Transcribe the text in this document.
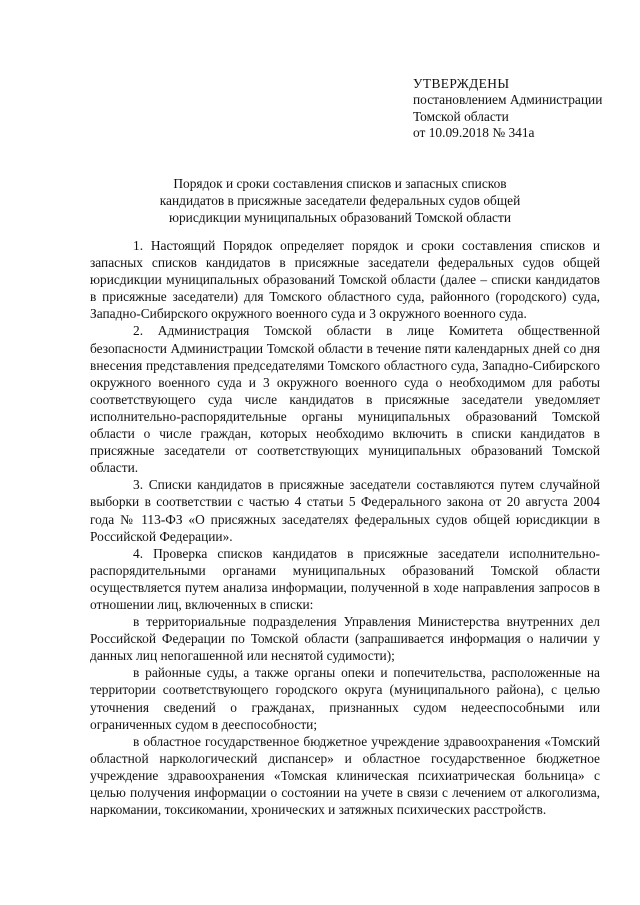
УТВЕРЖДЕНЫ
постановлением Администрации
Томской области
от 10.09.2018 № 341а
Порядок и сроки составления списков и запасных списков
кандидатов в присяжные заседатели федеральных судов общей
юрисдикции муниципальных образований Томской области

1. Настоящий Порядок определяет порядок и сроки составления списков и запасных списков кандидатов в присяжные заседатели федеральных судов общей юрисдикции муниципальных образований Томской области (далее – списки кандидатов в присяжные заседатели) для Томского областного суда, районного (городского) суда, Западно-Сибирского окружного военного суда и 3 окружного военного суда.

2. Администрация Томской области в лице Комитета общественной безопасности Администрации Томской области в течение пяти календарных дней со дня внесения представления председателями Томского областного суда, Западно-Сибирского окружного военного суда и 3 окружного военного суда о необходимом для работы соответствующего суда числе кандидатов в присяжные заседатели уведомляет исполнительно-распорядительные органы муниципальных образований Томской области о числе граждан, которых необходимо включить в списки кандидатов в присяжные заседатели от соответствующих муниципальных образований Томской области.

3. Списки кандидатов в присяжные заседатели составляются путем случайной выборки в соответствии с частью 4 статьи 5 Федерального закона от 20 августа 2004 года № 113-ФЗ «О присяжных заседателях федеральных судов общей юрисдикции в Российской Федерации».

4. Проверка списков кандидатов в присяжные заседатели исполнительно-распорядительными органами муниципальных образований Томской области осуществляется путем анализа информации, полученной в ходе направления запросов в отношении лиц, включенных в списки:

в территориальные подразделения Управления Министерства внутренних дел Российской Федерации по Томской области (запрашивается информация о наличии у данных лиц непогашенной или неснятой судимости);

в районные суды, а также органы опеки и попечительства, расположенные на территории соответствующего городского округа (муниципального района), с целью уточнения сведений о гражданах, признанных судом недееспособными или ограниченных судом в дееспособности;

в областное государственное бюджетное учреждение здравоохранения «Томский областной наркологический диспансер» и областное государственное бюджетное учреждение здравоохранения «Томская клиническая психиатрическая больница» с целью получения информации о состоянии на учете в связи с лечением от алкоголизма, наркомании, токсикомании, хронических и затяжных психических расстройств.
